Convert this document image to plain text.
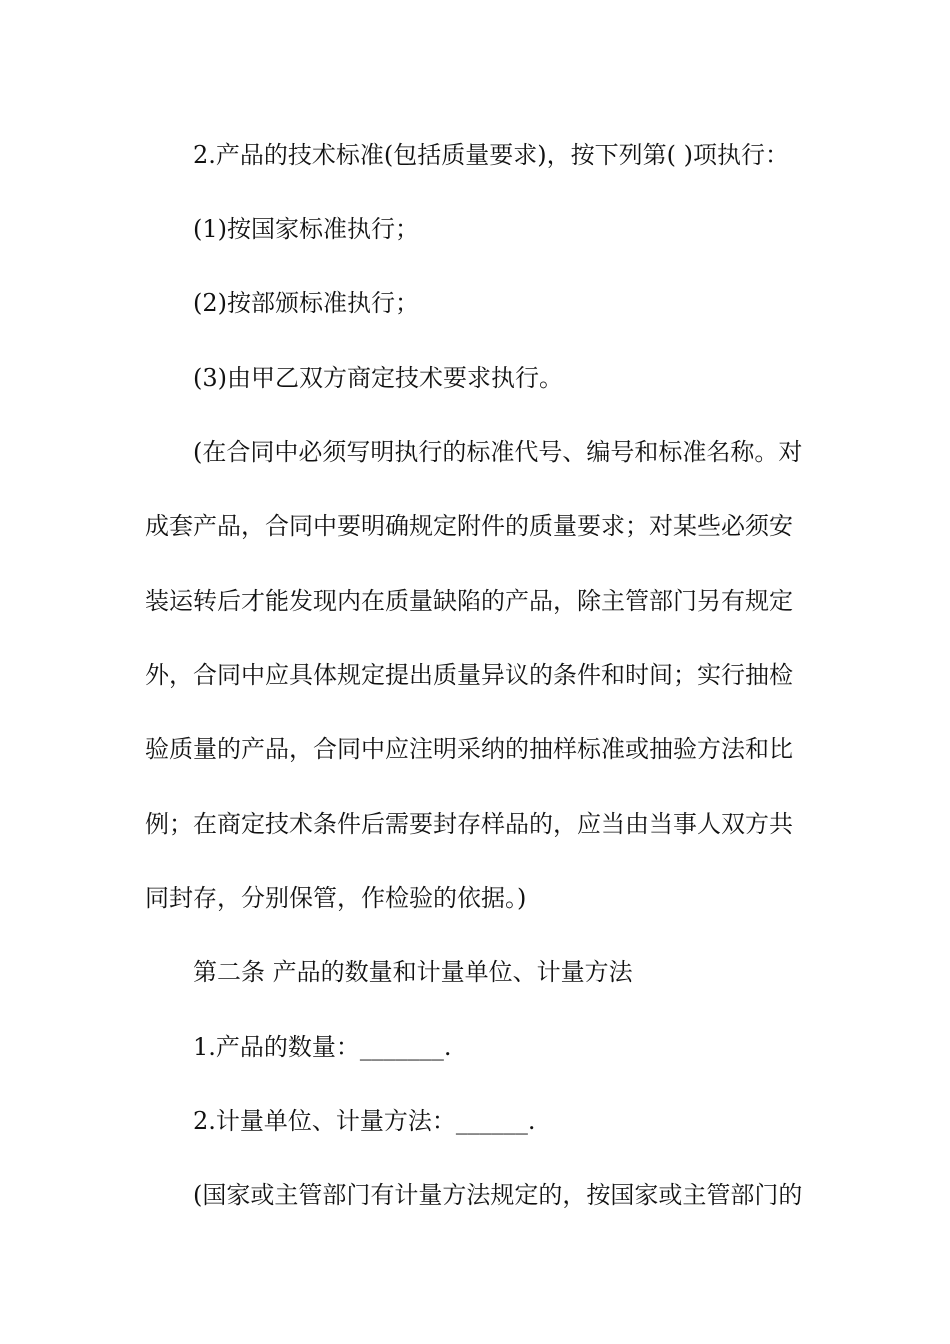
2.产品的技术标准(包括质量要求)，按下列第( )项执行：

(1)按国家标准执行；

(2)按部颁标准执行；

(3)由甲乙双方商定技术要求执行。

(在合同中必须写明执行的标准代号、编号和标准名称。对

成套产品，合同中要明确规定附件的质量要求；对某些必须安

装运转后才能发现内在质量缺陷的产品，除主管部门另有规定

外，合同中应具体规定提出质量异议的条件和时间；实行抽检

验质量的产品，合同中应注明采纳的抽样标准或抽验方法和比

例；在商定技术条件后需要封存样品的，应当由当事人双方共

同封存，分别保管，作检验的依据。)

第二条 产品的数量和计量单位、计量方法

1.产品的数量：_______.

2.计量单位、计量方法：______.

(国家或主管部门有计量方法规定的，按国家或主管部门的
